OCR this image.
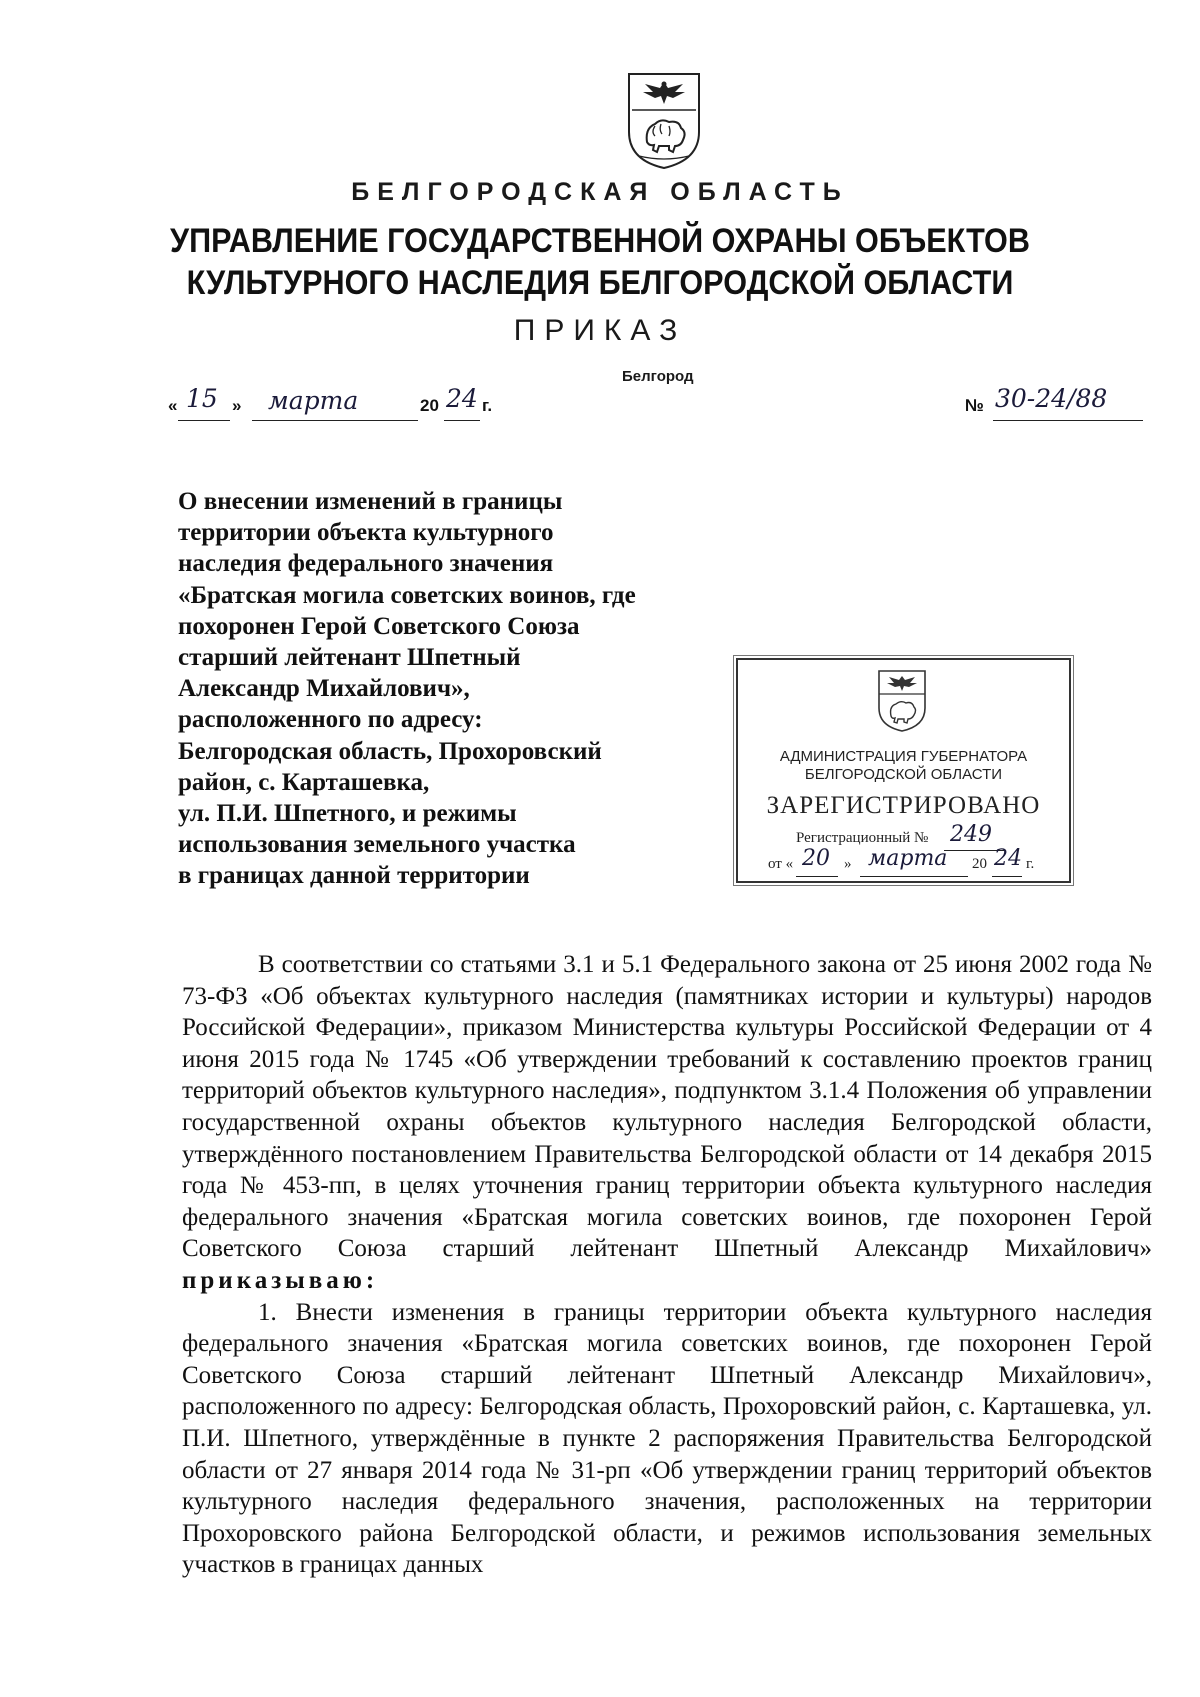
БЕЛГОРОДСКАЯ ОБЛАСТЬ
УПРАВЛЕНИЕ ГОСУДАРСТВЕННОЙ ОХРАНЫ ОБЪЕКТОВ
КУЛЬТУРНОГО НАСЛЕДИЯ БЕЛГОРОДСКОЙ ОБЛАСТИ
ПРИКАЗ
Белгород
« 15 » марта	20 24 г.	№ 30-24/88
О внесении изменений в границы
территории объекта культурного
наследия федерального значения
«Братская могила советских воинов, где
похоронен Герой Советского Союза
старший лейтенант Шпетный
Александр Михайлович»,
расположенного по адресу:
Белгородская область, Прохоровский
район, с. Карташевка,
ул. П.И. Шпетного, и режимы
использования земельного участка
в границах данной территории
АДМИНИСТРАЦИЯ ГУБЕРНАТОРА
БЕЛГОРОДСКОЙ ОБЛАСТИ
ЗАРЕГИСТРИРОВАНО
Регистрационный № 249
от « 20 » марта 20 24 г.

В соответствии со статьями 3.1 и 5.1 Федерального закона от 25 июня 2002 года № 73-ФЗ «Об объектах культурного наследия (памятниках истории и культуры) народов Российской Федерации», приказом Министерства культуры Российской Федерации от 4 июня 2015 года № 1745 «Об утверждении требований к составлению проектов границ территорий объектов культурного наследия», подпунктом 3.1.4 Положения об управлении государственной охраны объектов культурного наследия Белгородской области, утверждённого постановлением Правительства Белгородской области от 14 декабря 2015 года № 453-пп, в целях уточнения границ территории объекта культурного наследия федерального значения «Братская могила советских воинов, где похоронен Герой Советского Союза старший лейтенант Шпетный Александр Михайлович» приказываю:

1. Внести изменения в границы территории объекта культурного наследия федерального значения «Братская могила советских воинов, где похоронен Герой Советского Союза старший лейтенант Шпетный Александр Михайлович», расположенного по адресу: Белгородская область, Прохоровский район, с. Карташевка, ул. П.И. Шпетного, утверждённые в пункте 2 распоряжения Правительства Белгородской области от 27 января 2014 года № 31-рп «Об утверждении границ территорий объектов культурного наследия федерального значения, расположенных на территории Прохоровского района Белгородской области, и режимов использования земельных участков в границах данных
